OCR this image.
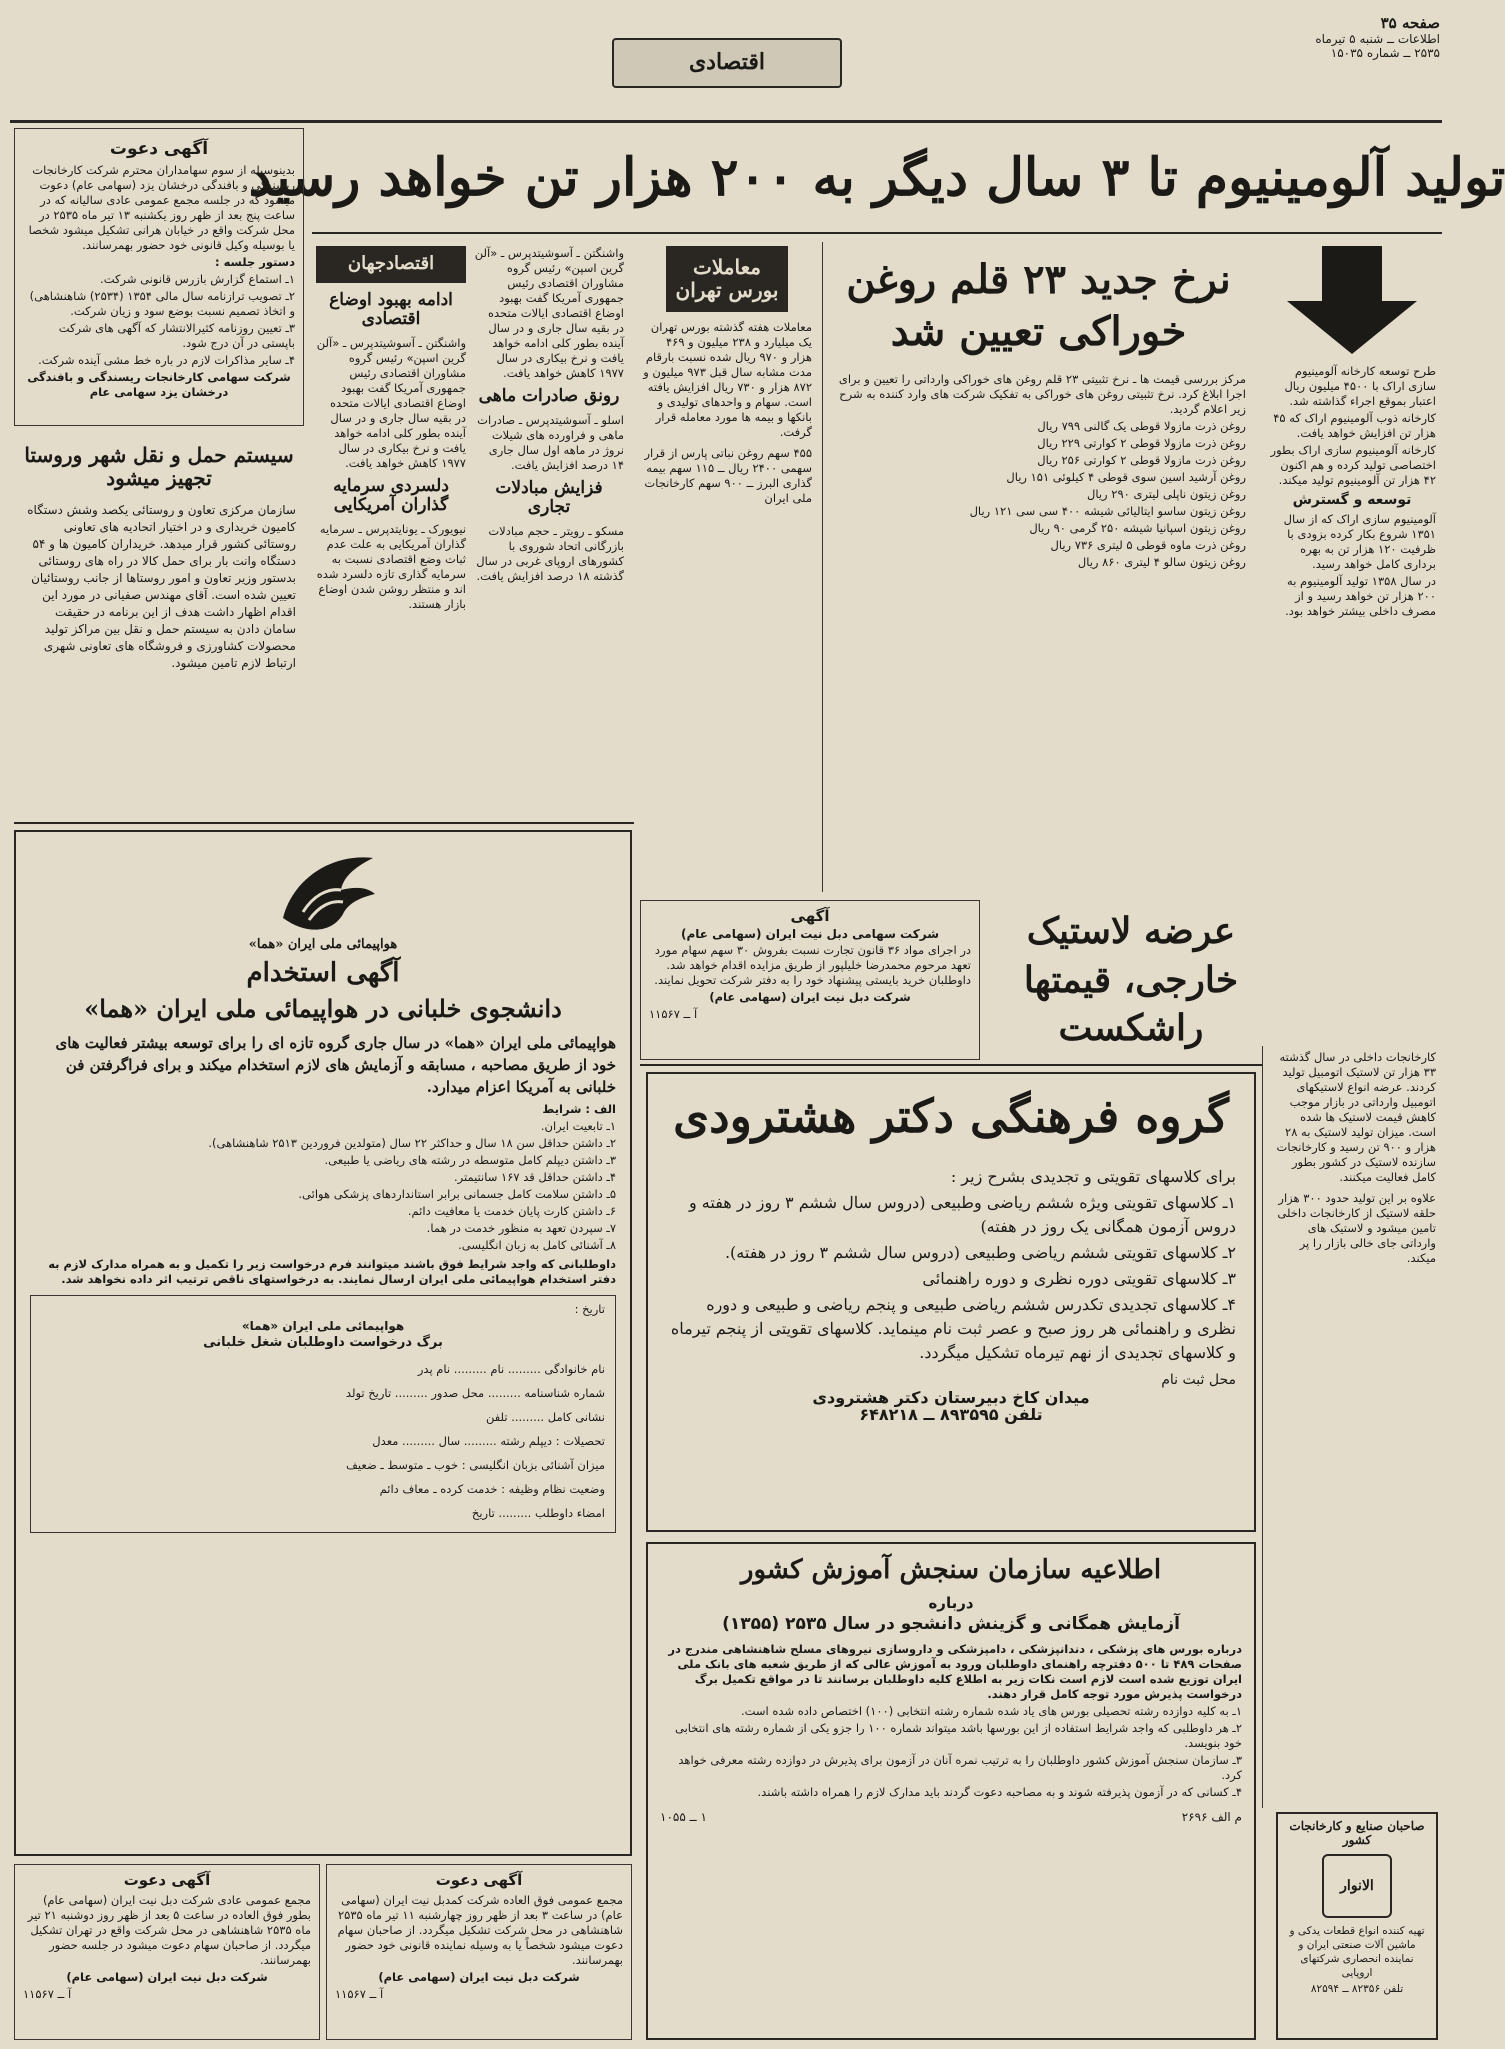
صفحه ۳۵
اطلاعات ــ شنبه ۵ تیرماه
۲۵۳۵ ــ شماره ۱۵۰۳۵
اقتصادی
تولید آلومینیوم تا ۳ سال دیگر به ۲۰۰ هزار تن خواهد رسید
آگهی دعوت

بدینوسیله از سوم سهامداران محترم شرکت کارخانجات ریسندگی و بافندگی درخشان یزد (سهامی عام) دعوت میشود که در جلسه مجمع عمومی عادی سالیانه که در ساعت پنج بعد از ظهر روز یکشنبه ۱۳ تیر ماه ۲۵۳۵ در محل شرکت واقع در خیابان هرانی تشکیل میشود شخصا یا بوسیله وکیل قانونی خود حضور بهمرسانند.

دستور جلسه :

۱ـ استماع گزارش بازرس قانونی شرکت.

۲ـ تصویب ترازنامه سال مالی ۱۳۵۴ (۲۵۳۴) شاهنشاهی) و اتخاذ تصمیم نسبت بوضع سود و زیان شرکت.

۳ـ تعیین روزنامه کثیرالانتشار که آگهی های شرکت باپستی در آن درج شود.

۴ـ سایر مذاکرات لازم در باره خط مشی آینده شرکت.

شرکت سهامی کارخانجات ریسندگی و بافندگی درخشان یزد سهامی عام

سیستم حمل و نقل شهر وروستا تجهیز میشود

سازمان مرکزی تعاون و روستائی یکصد وشش دستگاه کامیون خریداری و در اختیار اتحادیه های تعاونی روستائی کشور قرار میدهد. خریداران کامیون ها و ۵۴ دستگاه وانت بار برای حمل کالا در راه های روستائی بدستور وزیر تعاون و امور روستاها از جانب روستائیان تعیین شده است. آقای مهندس صفیانی در مورد این اقدام اظهار داشت هدف از این برنامه در حقیقت سامان دادن به سیستم حمل و نقل بین مراکز تولید محصولات کشاورزی و فروشگاه های تعاونی شهری ارتباط لازم تامین میشود.

واشنگتن ـ آسوشیتدپرس ـ «آلن گرین اسپن» رئیس گروه مشاوران اقتصادی رئیس جمهوری آمریکا گفت بهبود اوضاع اقتصادی ایالات متحده در بقیه سال جاری و در سال آینده بطور کلی ادامه خواهد یافت و نرخ بیکاری در سال ۱۹۷۷ کاهش خواهد یافت.

رونق صادرات ماهی

اسلو ـ آسوشیتدپرس ـ صادرات ماهی و فراورده های شیلات نروژ در ماهه اول سال جاری ۱۴ درصد افزایش یافت.

فزایش مبادلات تجاری

مسکو ـ رویتر ـ حجم مبادلات بازرگانی اتحاد شوروی با کشورهای اروپای غربی در سال گذشته ۱۸ درصد افزایش یافت.

اقتصادجهان
ادامه بهبود اوضاع اقتصادی

واشنگتن ـ آسوشیتدپرس ـ «آلن گرین اسپن» رئیس گروه مشاوران اقتصادی رئیس جمهوری آمریکا گفت بهبود اوضاع اقتصادی ایالات متحده در بقیه سال جاری و در سال آینده بطور کلی ادامه خواهد یافت و نرخ بیکاری در سال ۱۹۷۷ کاهش خواهد یافت.

دلسردی سرمایه گذاران آمریکایی

نیویورک ـ یونایتدپرس ـ سرمایه گذاران آمریکایی به علت عدم ثبات وضع اقتصادی نسبت به سرمایه گذاری تازه دلسرد شده اند و منتظر روشن شدن اوضاع بازار هستند.

معاملات بورس تهران

معاملات هفته گذشته بورس تهران یک میلیارد و ۲۳۸ میلیون و ۴۶۹ هزار و ۹۷۰ ریال شده نسبت بارقام مدت مشابه سال قبل ۹۷۳ میلیون و ۸۷۲ هزار و ۷۳۰ ریال افزایش یافته است. سهام و واحدهای تولیدی و بانکها و بیمه ها مورد معامله قرار گرفت.

۴۵۵ سهم روغن نباتی پارس از قرار سهمی ۲۴۰۰ ریال ــ ۱۱۵ سهم بیمه گذاری البرز ــ ۹۰۰ سهم کارخانجات ملی ایران

نرخ جدید ۲۳ قلم روغن خوراکی تعیین شد

مرکز بررسی قیمت ها ـ نرخ تثبیتی ۲۳ قلم روغن های خوراکی وارداتی را تعیین و برای اجرا ابلاغ کرد. نرخ تثبیتی روغن های خوراکی به تفکیک شرکت های وارد کننده به شرح زیر اعلام گردید.

روغن ذرت مازولا قوطی یک گالنی ۷۹۹ ریال

روغن ذرت مازولا قوطی ۲ کوارتی ۲۲۹ ریال

روغن ذرت مازولا قوطی ۲ کوارتی ۲۵۶ ریال

روغن آرشید اسین سوی قوطی ۴ کیلوئی ۱۵۱ ریال

روغن زیتون ناپلی لیتری ۲۹۰ ریال

روغن زیتون ساسو ایتالیائی شیشه ۴۰۰ سی سی ۱۲۱ ریال

روغن زیتون اسپانیا شیشه ۲۵۰ گرمی ۹۰ ریال

روغن ذرت ماوه قوطی ۵ لیتری ۷۳۶ ریال

روغن زیتون سالو ۴ لیتری ۸۶۰ ریال

طرح توسعه کارخانه آلومینیوم سازی اراک با ۴۵۰۰ میلیون ریال اعتبار بموقع اجراء گذاشته شد.

کارخانه ذوب آلومینیوم اراک که ۴۵ هزار تن افزایش خواهد یافت.

کارخانه آلومینیوم سازی اراک بطور اختصاصی تولید کرده و هم اکنون ۴۲ هزار تن آلومینیوم تولید میکند.

توسعه و گسترش

آلومینیوم سازی اراک که از سال ۱۳۵۱ شروع بکار کرده بزودی با ظرفیت ۱۲۰ هزار تن به بهره برداری کامل خواهد رسید.

در سال ۱۳۵۸ تولید آلومینیوم به ۲۰۰ هزار تن خواهد رسید و از مصرف داخلی بیشتر خواهد بود.

آگهی
شرکت سهامی دبل نیت ایران (سهامی عام)

در اجرای مواد ۳۶ قانون تجارت نسبت بفروش ۳۰ سهم سهام مورد تعهد مرحوم محمدرضا خلیلپور از طریق مزایده اقدام خواهد شد. داوطلبان خرید بایستی پیشنهاد خود را به دفتر شرکت تحویل نمایند.

شرکت دبل نیت ایران (سهامی عام)

آ ــ ۱۱۵۶۷

عرضه لاستیک خارجی، قیمتها راشکست

کارخانجات داخلی در سال گذشته ۳۳ هزار تن لاستیک اتومبیل تولید کردند. عرضه انواع لاستیکهای اتومبیل وارداتی در بازار موجب کاهش قیمت لاستیک ها شده است. میزان تولید لاستیک به ۲۸ هزار و ۹۰۰ تن رسید و کارخانجات سازنده لاستیک در کشور بطور کامل فعالیت میکنند.

علاوه بر این تولید حدود ۳۰۰ هزار حلقه لاستیک از کارخانجات داخلی تامین میشود و لاستیک های وارداتی جای خالی بازار را پر میکند.

گروه فرهنگی دکتر هشترودی

برای کلاسهای تقویتی و تجدیدی بشرح زیر :

۱ـ کلاسهای تقویتی ویژه ششم ریاضی وطبیعی (دروس سال ششم ۳ روز در هفته و دروس آزمون همگانی یک روز در هفته)

۲ـ کلاسهای تقویتی ششم ریاضی وطبیعی (دروس سال ششم ۳ روز در هفته).

۳ـ کلاسهای تقویتی دوره نظری و دوره راهنمائی

۴ـ کلاسهای تجدیدی تکدرس ششم ریاضی طبیعی و پنجم ریاضی و طبیعی و دوره نظری و راهنمائی هر روز صبح و عصر ثبت نام مینماید. کلاسهای تقویتی از پنجم تیرماه و کلاسهای تجدیدی از نهم تیرماه تشکیل میگردد.

محل ثبت نام

میدان کاخ دبیرستان دکتر هشترودی

تلفن ۸۹۳۵۹۵ ــ ۶۴۸۲۱۸

اطلاعیه سازمان سنجش آموزش کشور
درباره
آزمایش همگانی و گزینش دانشجو در سال ۲۵۳۵ (۱۳۵۵)

درباره بورس های پزشکی ، دندانپزشکی ، دامپزشکی و داروسازی نیروهای مسلح شاهنشاهی مندرج در صفحات ۴۸۹ تا ۵۰۰ دفترچه راهنمای داوطلبان ورود به آموزش عالی که از طریق شعبه های بانک ملی ایران توزیع شده است لازم است نکات زیر به اطلاع کلیه داوطلبان برسانند تا در مواقع تکمیل برگ درخواست پذیرش مورد توجه کامل قرار دهند.

۱ـ به کلیه دوازده رشته تحصیلی بورس های یاد شده شماره رشته انتخابی (۱۰۰) اختصاص داده شده است.

۲ـ هر داوطلبی که واجد شرایط استفاده از این بورسها باشد میتواند شماره ۱۰۰ را جزو یکی از شماره رشته های انتخابی خود بنویسد.

۳ـ سازمان سنجش آموزش کشور داوطلبان را به ترتیب نمره آنان در آزمون برای پذیرش در دوازده رشته معرفی خواهد کرد.

۴ـ کسانی که در آزمون پذیرفته شوند و به مصاحبه دعوت گردند باید مدارک لازم را همراه داشته باشند.

م الف ۲۶۹۶
۱ ــ ۱۰۵۵
صاحبان صنایع و کارخانجات کشور
الانوار

تهیه کننده انواع قطعات یدکی و ماشین آلات صنعتی ایران و نماینده انحصاری شرکتهای اروپایی

تلفن ۸۲۳۵۶ ــ ۸۲۵۹۴

هواپیمائی ملی ایران «هما»
آگهی استخدام
دانشجوی خلبانی در هواپیمائی ملی ایران «هما»

هواپیمائی ملی ایران «هما» در سال جاری گروه تازه ای را برای توسعه بیشتر فعالیت های خود از طریق مصاحبه ، مسابقه و آزمایش های لازم استخدام میکند و برای فراگرفتن فن خلبانی به آمریکا اعزام میدارد.

الف : شرایط

۱ـ تابعیت ایران.

۲ـ داشتن حداقل سن ۱۸ سال و حداکثر ۲۲ سال (متولدین فروردین ۲۵۱۳ شاهنشاهی).

۳ـ داشتن دیپلم کامل متوسطه در رشته های ریاضی یا طبیعی.

۴ـ داشتن حداقل قد ۱۶۷ سانتیمتر.

۵ـ داشتن سلامت کامل جسمانی برابر استانداردهای پزشکی هوائی.

۶ـ داشتن کارت پایان خدمت یا معافیت دائم.

۷ـ سپردن تعهد به منظور خدمت در هما.

۸ـ آشنائی کامل به زبان انگلیسی.

داوطلبانی که واجد شرایط فوق باشند میتوانند فرم درخواست زیر را تکمیل و به همراه مدارک لازم به دفتر استخدام هواپیمائی ملی ایران ارسال نمایند. به درخواستهای ناقص ترتیب اثر داده نخواهد شد.

تاریخ :

هواپیمائی ملی ایران «هما»
برگ درخواست داوطلبان شغل خلبانی

نام خانوادگی ......... نام ......... نام پدر

شماره شناسنامه ......... محل صدور ......... تاریخ تولد

نشانی کامل ......... تلفن

تحصیلات : دیپلم رشته ......... سال ......... معدل

میزان آشنائی بزبان انگلیسی : خوب ـ متوسط ـ ضعیف

وضعیت نظام وظیفه : خدمت کرده ـ معاف دائم

امضاء داوطلب ......... تاریخ

آگهی دعوت

مجمع عمومی فوق العاده شرکت کمدبل نیت ایران (سهامی عام) در ساعت ۳ بعد از ظهر روز چهارشنبه ۱۱ تیر ماه ۲۵۳۵ شاهنشاهی در محل شرکت تشکیل میگردد. از صاحبان سهام دعوت میشود شخصاً یا به وسیله نماینده قانونی خود حضور بهمرسانند.

شرکت دبل نیت ایران (سهامی عام)

آ ــ ۱۱۵۶۷

آگهی دعوت

مجمع عمومی عادی شرکت دبل نیت ایران (سهامی عام) بطور فوق العاده در ساعت ۵ بعد از ظهر روز دوشنبه ۲۱ تیر ماه ۲۵۳۵ شاهنشاهی در محل شرکت واقع در تهران تشکیل میگردد. از صاحبان سهام دعوت میشود در جلسه حضور بهمرسانند.

شرکت دبل نیت ایران (سهامی عام)

آ ــ ۱۱۵۶۷
